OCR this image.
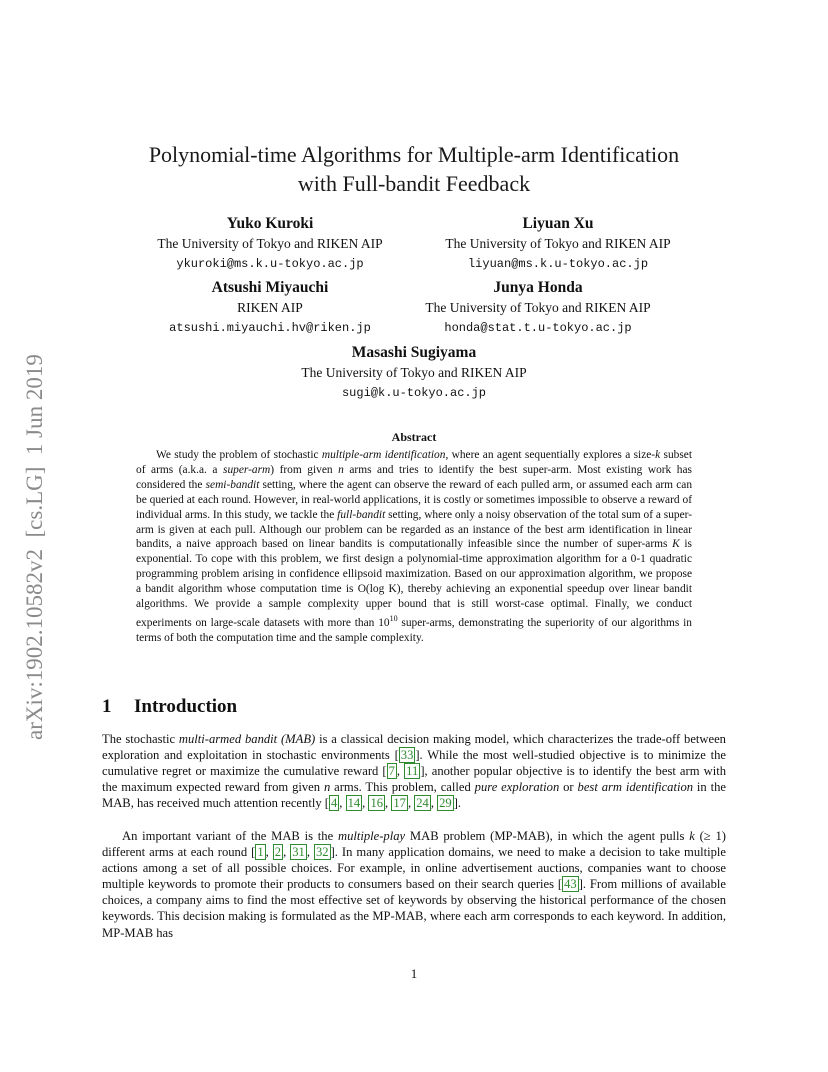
arXiv:1902.10582v2  [cs.LG]  1 Jun 2019
Polynomial-time Algorithms for Multiple-arm Identification
with Full-bandit Feedback
Yuko Kuroki
The University of Tokyo and RIKEN AIP
ykuroki@ms.k.u-tokyo.ac.jp
Liyuan Xu
The University of Tokyo and RIKEN AIP
liyuan@ms.k.u-tokyo.ac.jp
Atsushi Miyauchi
RIKEN AIP
atsushi.miyauchi.hv@riken.jp
Junya Honda
The University of Tokyo and RIKEN AIP
honda@stat.t.u-tokyo.ac.jp
Masashi Sugiyama
The University of Tokyo and RIKEN AIP
sugi@k.u-tokyo.ac.jp
Abstract

We study the problem of stochastic multiple-arm identification, where an agent sequentially explores a size-k subset of arms (a.k.a. a super-arm) from given n arms and tries to identify the best super-arm. Most existing work has considered the semi-bandit setting, where the agent can observe the reward of each pulled arm, or assumed each arm can be queried at each round. However, in real-world applications, it is costly or sometimes impossible to observe a reward of individual arms. In this study, we tackle the full-bandit setting, where only a noisy observation of the total sum of a super-arm is given at each pull. Although our problem can be regarded as an instance of the best arm identification in linear bandits, a naive approach based on linear bandits is computationally infeasible since the number of super-arms K is exponential. To cope with this problem, we first design a polynomial-time approximation algorithm for a 0-1 quadratic programming problem arising in confidence ellipsoid maximization. Based on our approximation algorithm, we propose a bandit algorithm whose computation time is O(log K), thereby achieving an exponential speedup over linear bandit algorithms. We provide a sample complexity upper bound that is still worst-case optimal. Finally, we conduct experiments on large-scale datasets with more than $10^{10}$ super-arms, demonstrating the superiority of our algorithms in terms of both the computation time and the sample complexity.

1 Introduction

The stochastic multi-armed bandit (MAB) is a classical decision making model, which characterizes the trade-off between exploration and exploitation in stochastic environments [ 33 ]. While the most well-studied objective is to minimize the cumulative regret or maximize the cumulative reward [ 7 , 11 ], another popular objective is to identify the best arm with the maximum expected reward from given n arms. This problem, called pure exploration or best arm identification in the MAB, has received much attention recently [ 4 , 14 , 16 , 17 , 24 , 29 ].

An important variant of the MAB is the multiple-play MAB problem (MP-MAB), in which the agent pulls k (≥ 1) different arms at each round [ 1 , 2 , 31 , 32 ]. In many application domains, we need to make a decision to take multiple actions among a set of all possible choices. For example, in online advertisement auctions, companies want to choose multiple keywords to promote their products to consumers based on their search queries [ 43 ]. From millions of available choices, a company aims to find the most effective set of keywords by observing the historical performance of the chosen keywords. This decision making is formulated as the MP-MAB, where each arm corresponds to each keyword. In addition, MP-MAB has

1
